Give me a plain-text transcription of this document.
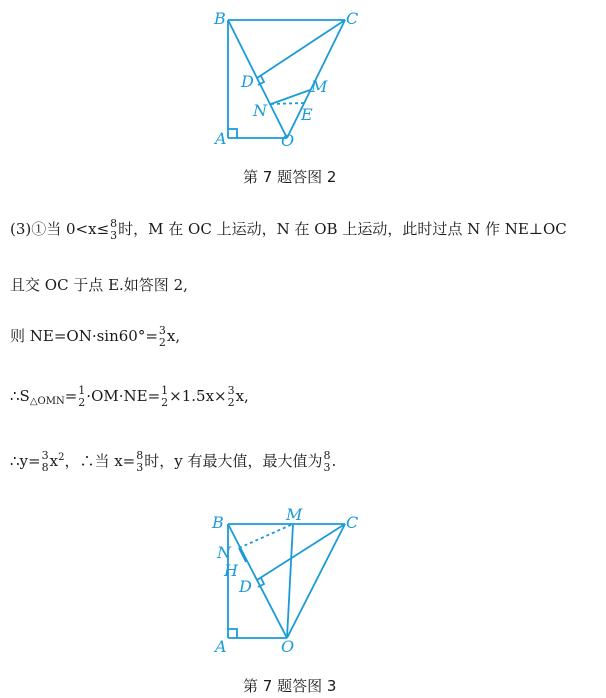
B	C
D	M
N E
A	O
第 7 题答图 2
(3)①当 0<x≤ 8
3 时，M 在 OC 上运动，N 在 OB 上运动，此时过点 N 作 NE⊥OC
且交 OC 于点 E.如答图 2,
则 NE=ON·sin60°= 3
2 x,
$\therefore S_{\triangle OMN}= 1$
2 ·OM·NE= 1
2 ×1.5x× 3
2 x,
∴y= 3
8 $x^2$，∴当 x= 8
3 时，y 有最大值，最大值为 8
3 .
B	M	C
N
H
D
A	O
第 7 题答图 3
